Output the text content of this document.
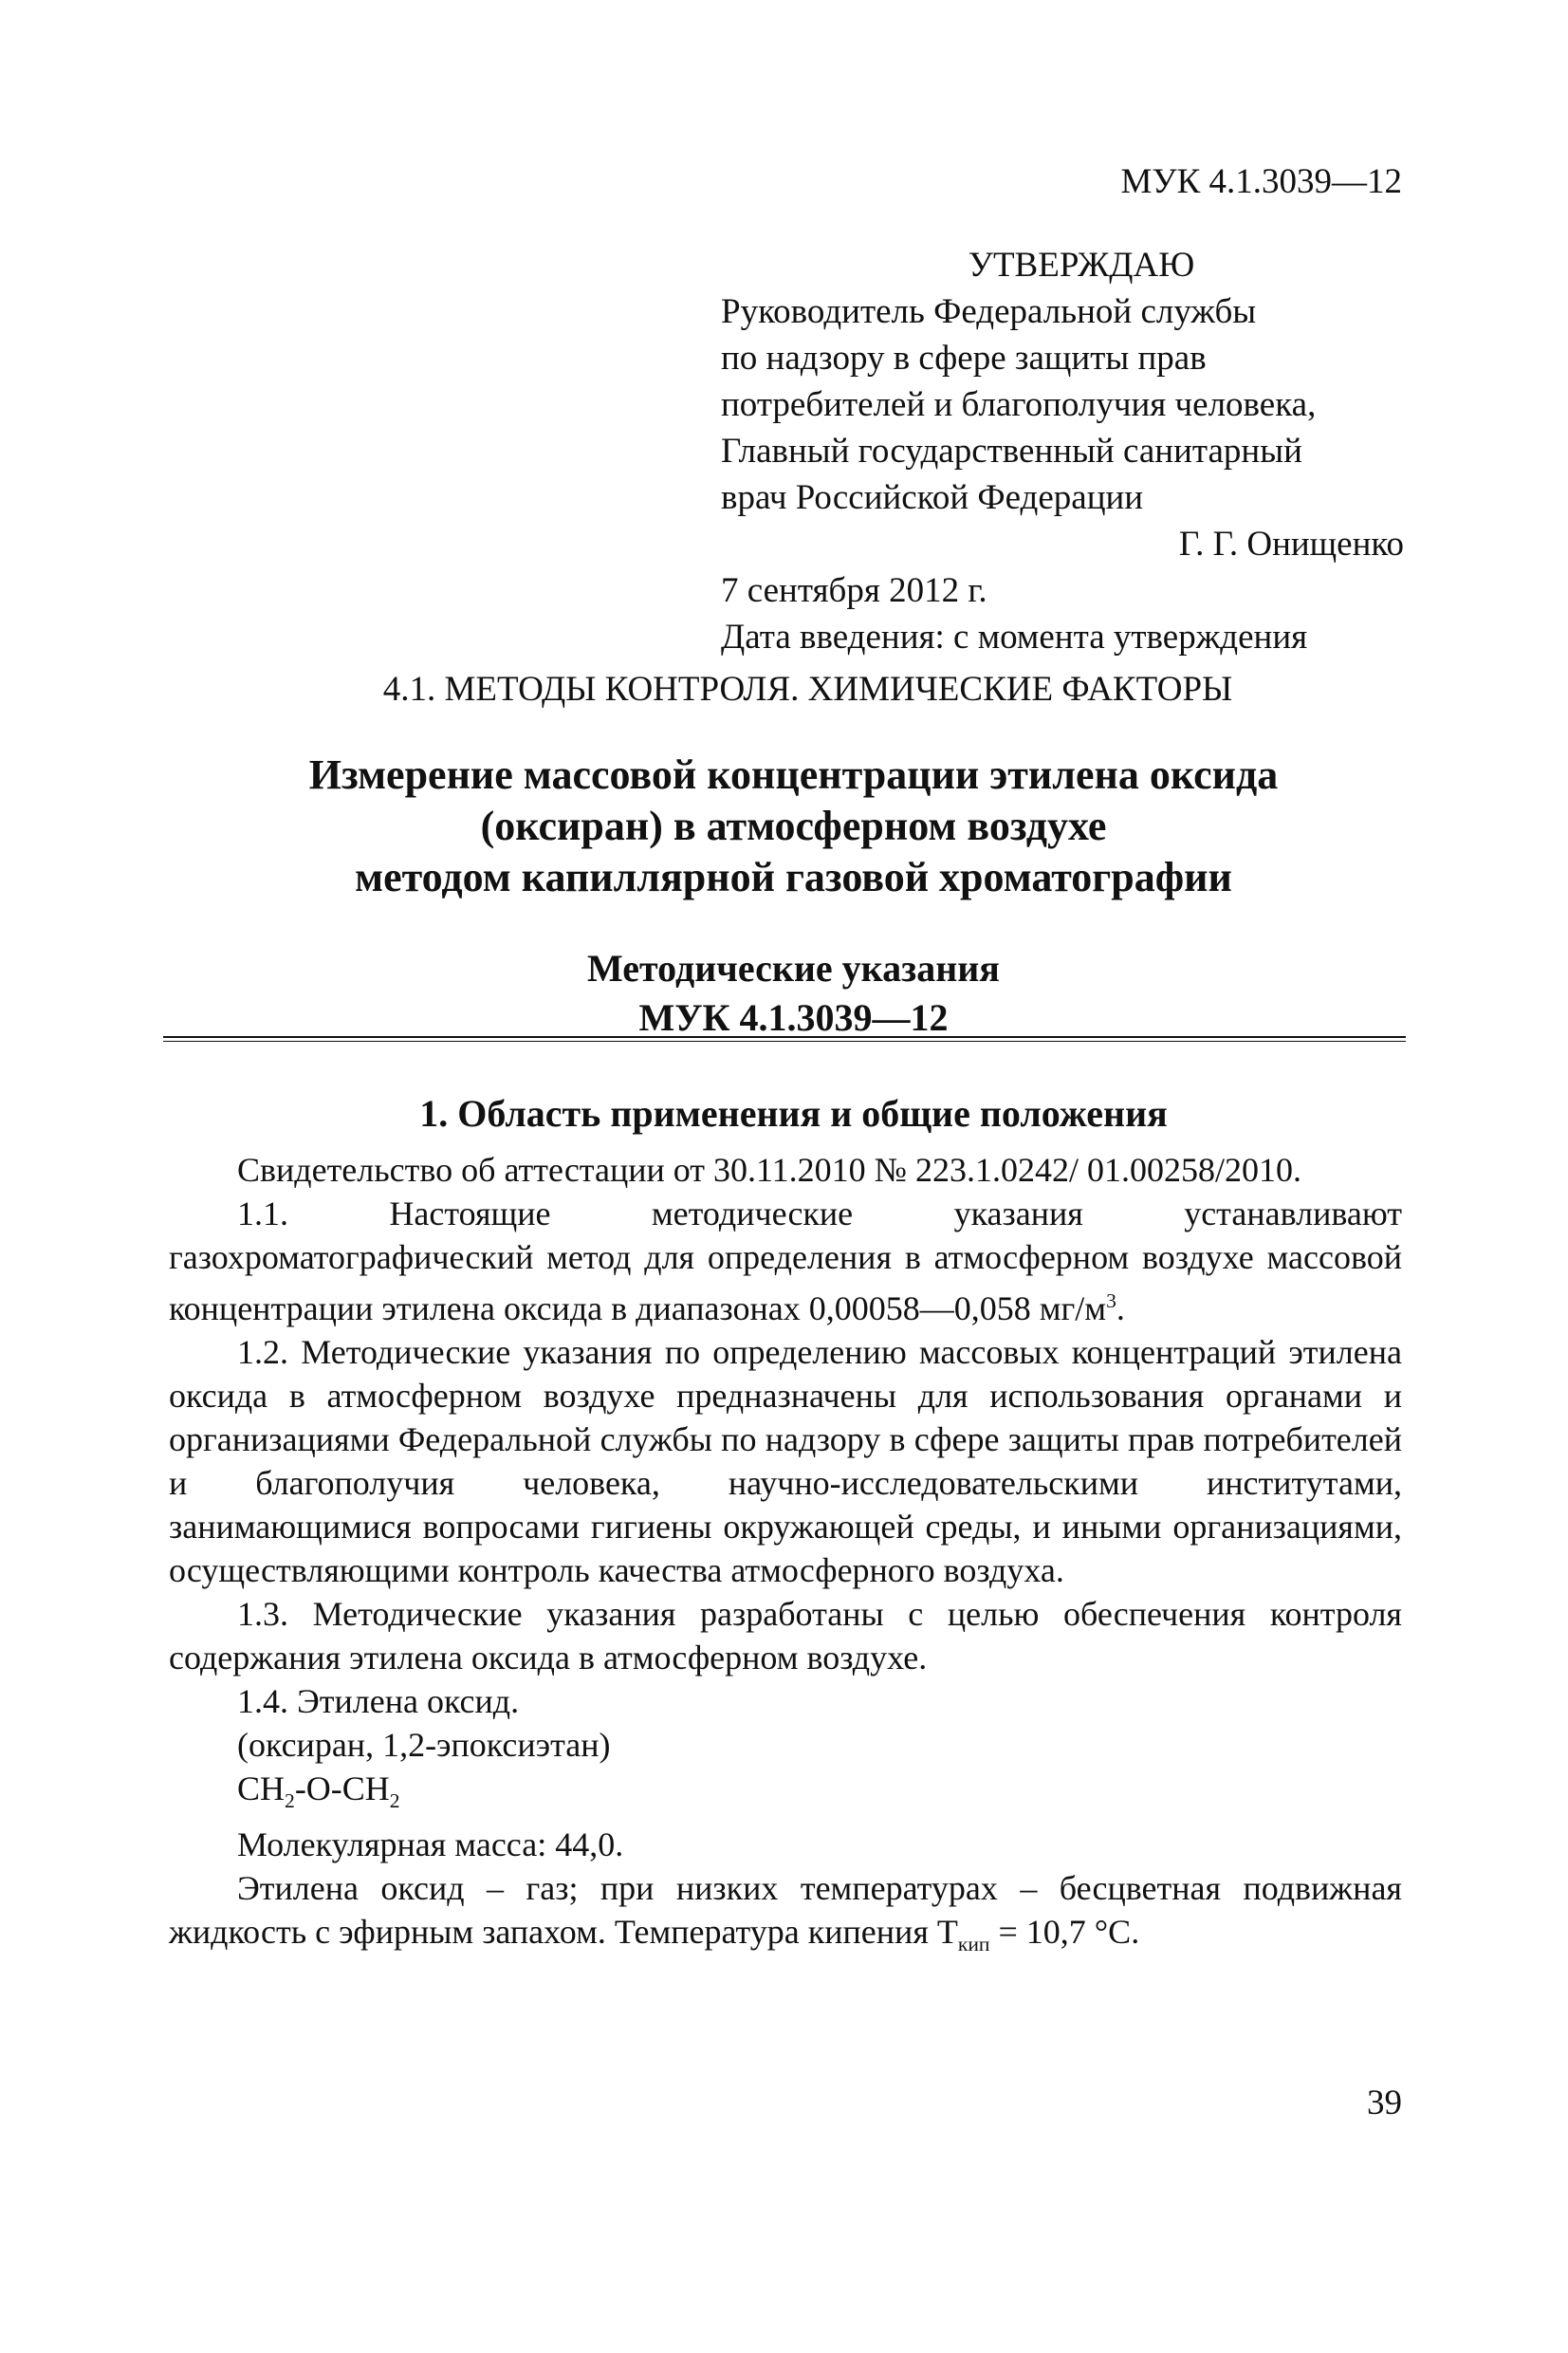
МУК 4.1.3039—12
УТВЕРЖДАЮ
Руководитель Федеральной службы
по надзору в сфере защиты прав
потребителей и благополучия человека,
Главный государственный санитарный
врач Российской Федерации
Г. Г. Онищенко
7 сентября 2012 г.
Дата введения: с момента утверждения
4.1. МЕТОДЫ КОНТРОЛЯ. ХИМИЧЕСКИЕ ФАКТОРЫ
Измерение массовой концентрации этилена оксида
(оксиран) в атмосферном воздухе
методом капиллярной газовой хроматографии
Методические указания
МУК 4.1.3039—12
1. Область применения и общие положения

Свидетельство об аттестации от 30.11.2010 № 223.1.0242/ 01.00258/2010.

1.1. Настоящие методические указания устанавливают газохроматографический метод для определения в атмосферном воздухе массовой концентрации этилена оксида в диапазонах 0,00058—0,058 $мг/м^3$.

1.2. Методические указания по определению массовых концентраций этилена оксида в атмосферном воздухе предназначены для использования органами и организациями Федеральной службы по надзору в сфере защиты прав потребителей и благополучия человека, научно-исследовательскими институтами, занимающимися вопросами гигиены окружающей среды, и иными организациями, осуществляющими контроль качества атмосферного воздуха.

1.3. Методические указания разработаны с целью обеспечения контроля содержания этилена оксида в атмосферном воздухе.

1.4. Этилена оксид.

(оксиран, 1,2-эпоксиэтан)

$CH_2-O-CH_2$

Молекулярная масса: 44,0.

Этилена оксид – газ; при низких температурах – бесцветная подвижная жидкость с эфирным запахом. Температура кипения $T_{кип} = 10,7$ °C.

39
